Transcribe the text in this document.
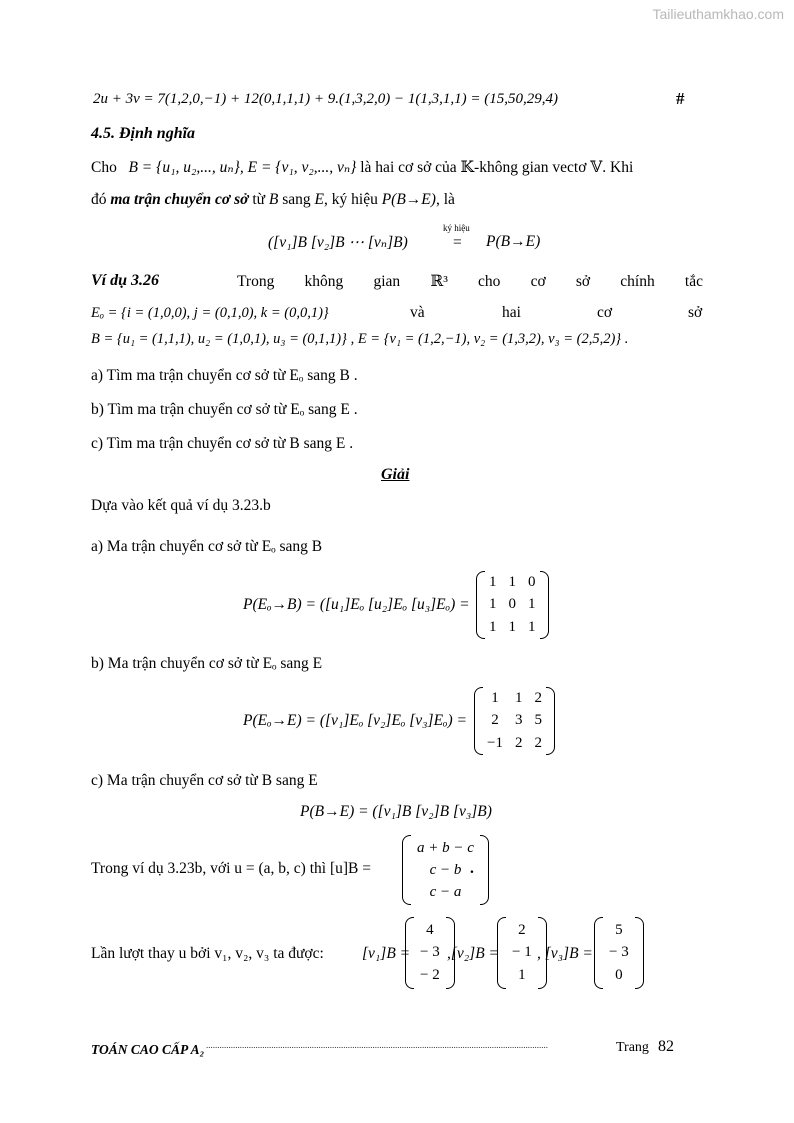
Tailieuthamkhao.com
2u + 3v = 7(1,2,0,−1) + 12(0,1,1,1) + 9.(1,3,2,0) − 1(1,3,1,1) = (15,50,29,4)	#
4.5. Định nghĩa
Cho B = {u₁, u₂,..., uₙ}, E = {v₁, v₂,..., vₙ} là hai cơ sở của 𝕂-không gian vectơ 𝕍. Khi
đó ma trận chuyển cơ sở từ B sang E, ký hiệu P(B→E), là
([v₁]B [v₂]B ⋯ [vₙ]B)
ký hiệu
= P(B→E)
Ví dụ 3.26	Trong không gian ℝ³ cho cơ sở chính tắc
Eₒ = {i = (1,0,0), j = (0,1,0), k = (0,0,1)}	và	hai	cơ	sở
B = {u₁ = (1,1,1), u₂ = (1,0,1), u₃ = (0,1,1)} , E = {v₁ = (1,2,−1), v₂ = (1,3,2), v₃ = (2,5,2)} .
a) Tìm ma trận chuyển cơ sở từ Eₒ sang B .
b) Tìm ma trận chuyển cơ sở từ Eₒ sang E .
c) Tìm ma trận chuyển cơ sở từ B sang E .
Giải
Dựa vào kết quả ví dụ 3.23.b
a) Ma trận chuyển cơ sở từ Eₒ sang B
P(Eₒ→B) = ([u₁]Eₒ [u₂]Eₒ [u₃]Eₒ) =
1 1 0
1 0 1
1 1 1
b) Ma trận chuyển cơ sở từ Eₒ sang E
P(Eₒ→E) = ([v₁]Eₒ [v₂]Eₒ [v₃]Eₒ) =
1 1 2
2 3 5
−1 2 2
c) Ma trận chuyển cơ sở từ B sang E
P(B→E) = ([v₁]B [v₂]B [v₃]B)
Trong ví dụ 3.23b, với u = (a, b, c) thì [u]B =
a + b − c
c − b
c − a
.
Lần lượt thay u bởi v₁, v₂, v₃ ta được: [v₁]B =
4
− 3
− 2
,[v₂]B =
2
− 1
1
, [v₃]B =
5
− 3
0
TOÁN CAO CẤP A₂ ........................................................................................................................................................	Trang 82
